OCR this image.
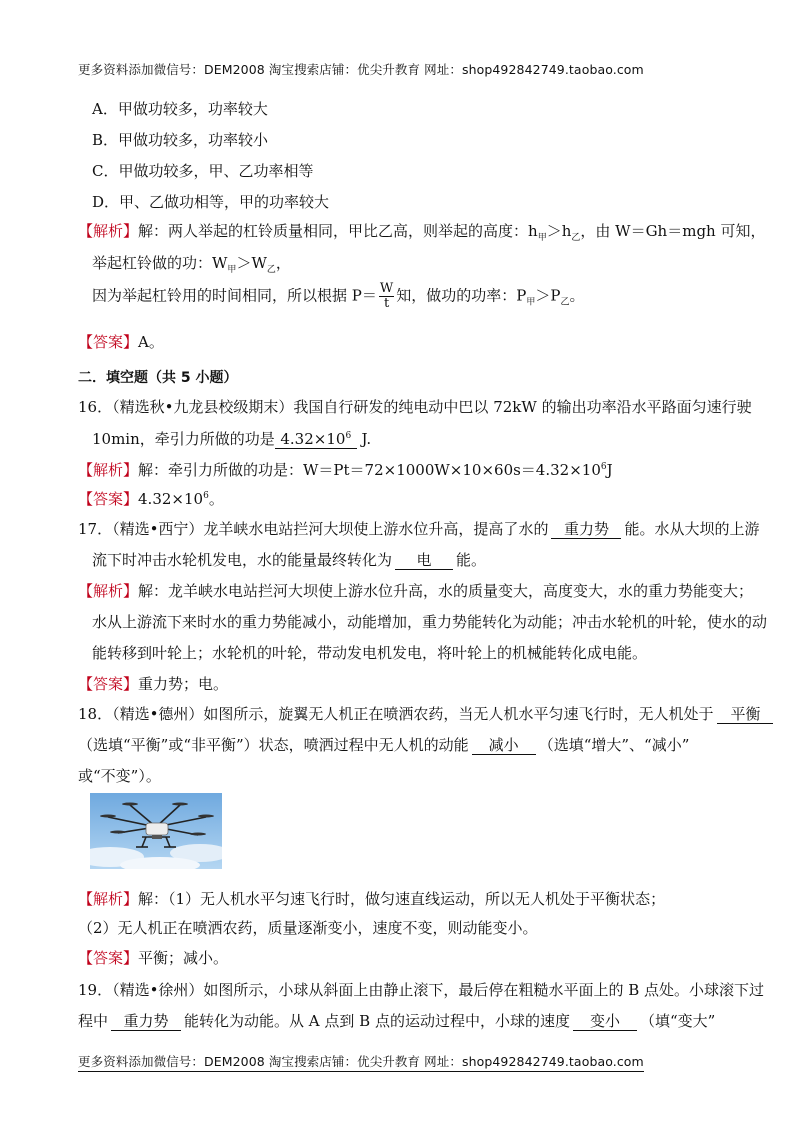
更多资料添加微信号：DEM2008 淘宝搜索店铺：优尖升教育 网址：shop492842749.taobao.com
A．甲做功较多，功率较大
B．甲做功较多，功率较小
C．甲做功较多，甲、乙功率相等
D．甲、乙做功相等，甲的功率较大
【解析】解：两人举起的杠铃质量相同，甲比乙高，则举起的高度：$h_甲>h_乙$，由 W＝Gh＝mgh 可知，
举起杠铃做的功：$W_甲>W_乙$，
因为举起杠铃用的时间相同，所以根据 $P= \frac{W}{t}$ 知，做功的功率：$P_甲>P_乙$。
【答案】A。
二．填空题（共 5 小题）
16．（精选秋•九龙县校级期末）我国自行研发的纯电动中巴以 72kW 的输出功率沿水平路面匀速行驶
10min，牵引力所做的功是 $4.32\times 10^6$ J.
【解析】解：牵引力所做的功是：$W=Pt=72\times 1000W\times 10\times 60s=4.32\times 10^6J$
【答案】$4.32\times 10^6$。
17．（精选•西宁）龙羊峡水电站拦河大坝使上游水位升高，提高了水的 重力势 能。水从大坝的上游
流下时冲击水轮机发电，水的能量最终转化为 电 能。
【解析】解：龙羊峡水电站拦河大坝使上游水位升高，水的质量变大，高度变大，水的重力势能变大；
水从上游流下来时水的重力势能减小，动能增加，重力势能转化为动能；冲击水轮机的叶轮，使水的动
能转移到叶轮上；水轮机的叶轮，带动发电机发电，将叶轮上的机械能转化成电能。
【答案】重力势；电。
18．（精选•德州）如图所示，旋翼无人机正在喷洒农药，当无人机水平匀速飞行时，无人机处于 平衡
（选填“平衡”或“非平衡”）状态，喷洒过程中无人机的动能 减小 （选填“增大”、“减小”
或“不变”）。
【解析】解：（1）无人机水平匀速飞行时，做匀速直线运动，所以无人机处于平衡状态；
（2）无人机正在喷洒农药，质量逐渐变小，速度不变，则动能变小。
【答案】平衡；减小。
19．（精选•徐州）如图所示，小球从斜面上由静止滚下，最后停在粗糙水平面上的 B 点处。小球滚下过
程中 重力势 能转化为动能。从 A 点到 B 点的运动过程中，小球的速度 变小 （填“变大”
更多资料添加微信号：DEM2008 淘宝搜索店铺：优尖升教育 网址：shop492842749.taobao.com
